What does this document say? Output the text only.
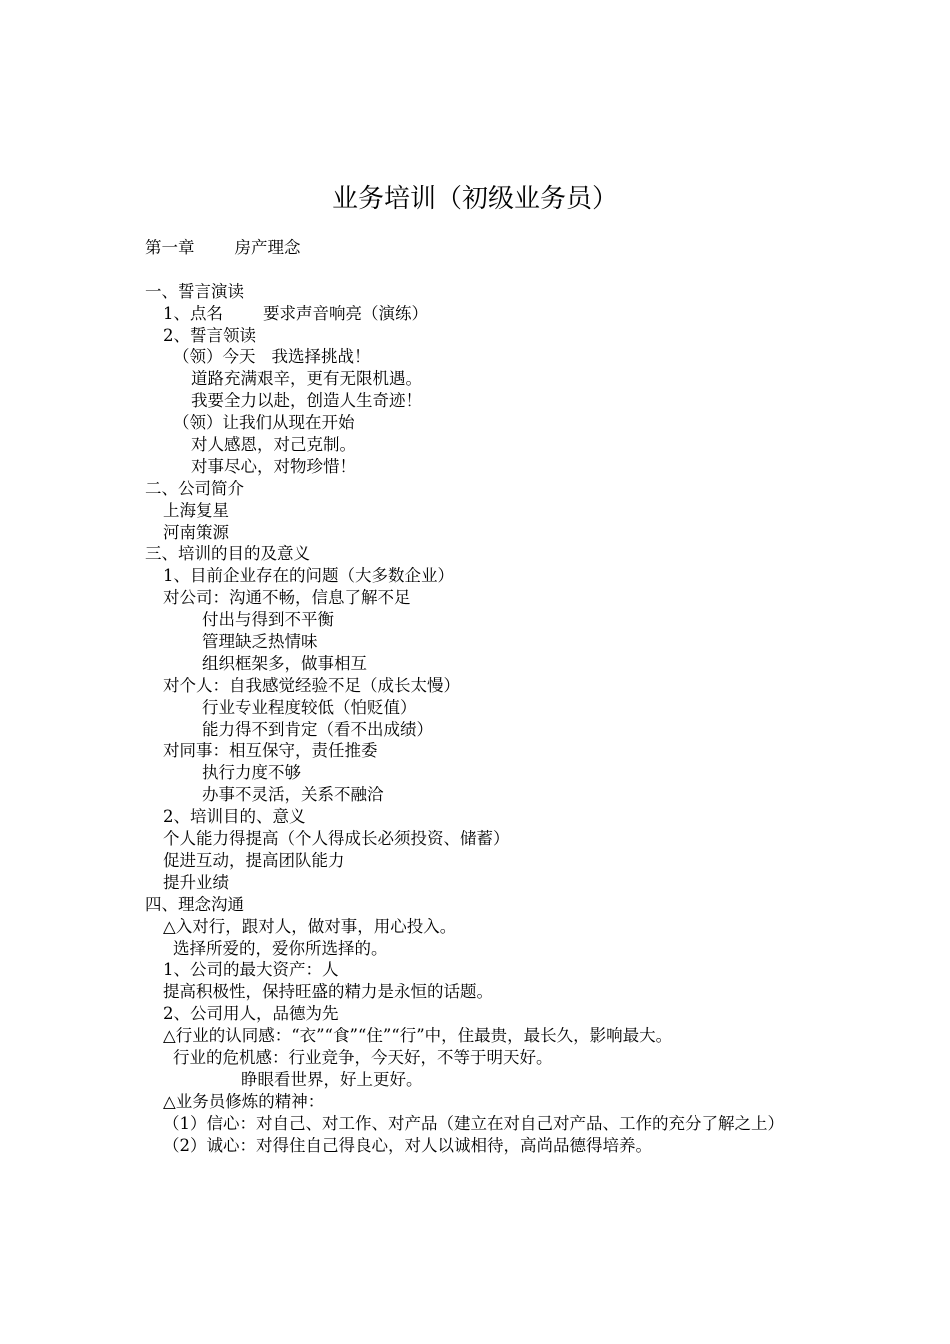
业务培训（初级业务员）
第一章 房产理念
一、誓言演读
1、点名 要求声音响亮（演练）
2、誓言领读
（领）今天 我选择挑战！
道路充满艰辛，更有无限机遇。
我要全力以赴，创造人生奇迹！
（领）让我们从现在开始
对人感恩，对己克制。
对事尽心，对物珍惜！
二、公司简介
上海复星
河南策源
三、培训的目的及意义
1、目前企业存在的问题（大多数企业）
对公司：沟通不畅，信息了解不足
付出与得到不平衡
管理缺乏热情味
组织框架多，做事相互
对个人：自我感觉经验不足（成长太慢）
行业专业程度较低（怕贬值）
能力得不到肯定（看不出成绩）
对同事：相互保守，责任推委
执行力度不够
办事不灵活，关系不融洽
2、培训目的、意义
个人能力得提高（个人得成长必须投资、储蓄）
促进互动，提高团队能力
提升业绩
四、理念沟通
△入对行，跟对人，做对事，用心投入。
选择所爱的，爱你所选择的。
1、公司的最大资产：人
提高积极性，保持旺盛的精力是永恒的话题。
2、公司用人，品德为先
△行业的认同感：“衣”“食”“住”“行”中，住最贵，最长久，影响最大。
行业的危机感：行业竞争，今天好，不等于明天好。
睁眼看世界，好上更好。
△业务员修炼的精神：
（1）信心：对自己、对工作、对产品（建立在对自己对产品、工作的充分了解之上）
（2）诚心：对得住自己得良心，对人以诚相待，高尚品德得培养。
